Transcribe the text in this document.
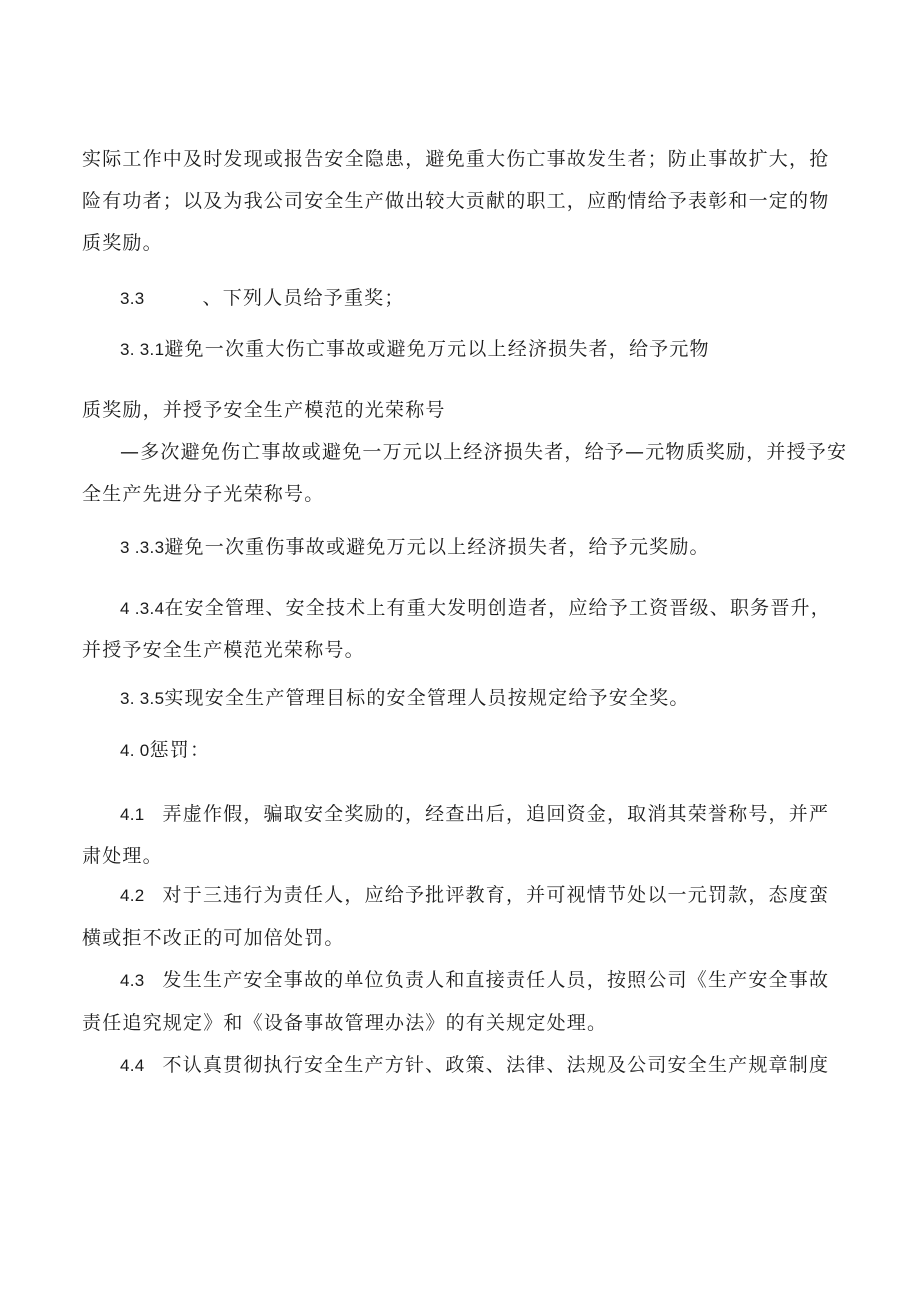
实际工作中及时发现或报告安全隐患，避免重大伤亡事故发生者；防止事故扩大，抢
险有功者；以及为我公司安全生产做出较大贡献的职工，应酌情给予表彰和一定的物
质奖励。
3.3	、下列人员给予重奖；
3. 3.1避免一次重大伤亡事故或避免万元以上经济损失者，给予元物
质奖励，并授予安全生产模范的光荣称号
—多次避免伤亡事故或避免一万元以上经济损失者，给予—元物质奖励，并授予安
全生产先进分子光荣称号。
3 .3.3避免一次重伤事故或避免万元以上经济损失者，给予元奖励。
4 .3.4在安全管理、安全技术上有重大发明创造者，应给予工资晋级、职务晋升，
并授予安全生产模范光荣称号。
3. 3.5实现安全生产管理目标的安全管理人员按规定给予安全奖。
4. 0惩罚：
4.1 弄虚作假，骗取安全奖励的，经查出后，追回资金，取消其荣誉称号，并严
肃处理。
4.2 对于三违行为责任人，应给予批评教育，并可视情节处以一元罚款，态度蛮
横或拒不改正的可加倍处罚。
4.3 发生生产安全事故的单位负责人和直接责任人员，按照公司《生产安全事故
责任追究规定》和《设备事故管理办法》的有关规定处理。
4.4 不认真贯彻执行安全生产方针、政策、法律、法规及公司安全生产规章制度
